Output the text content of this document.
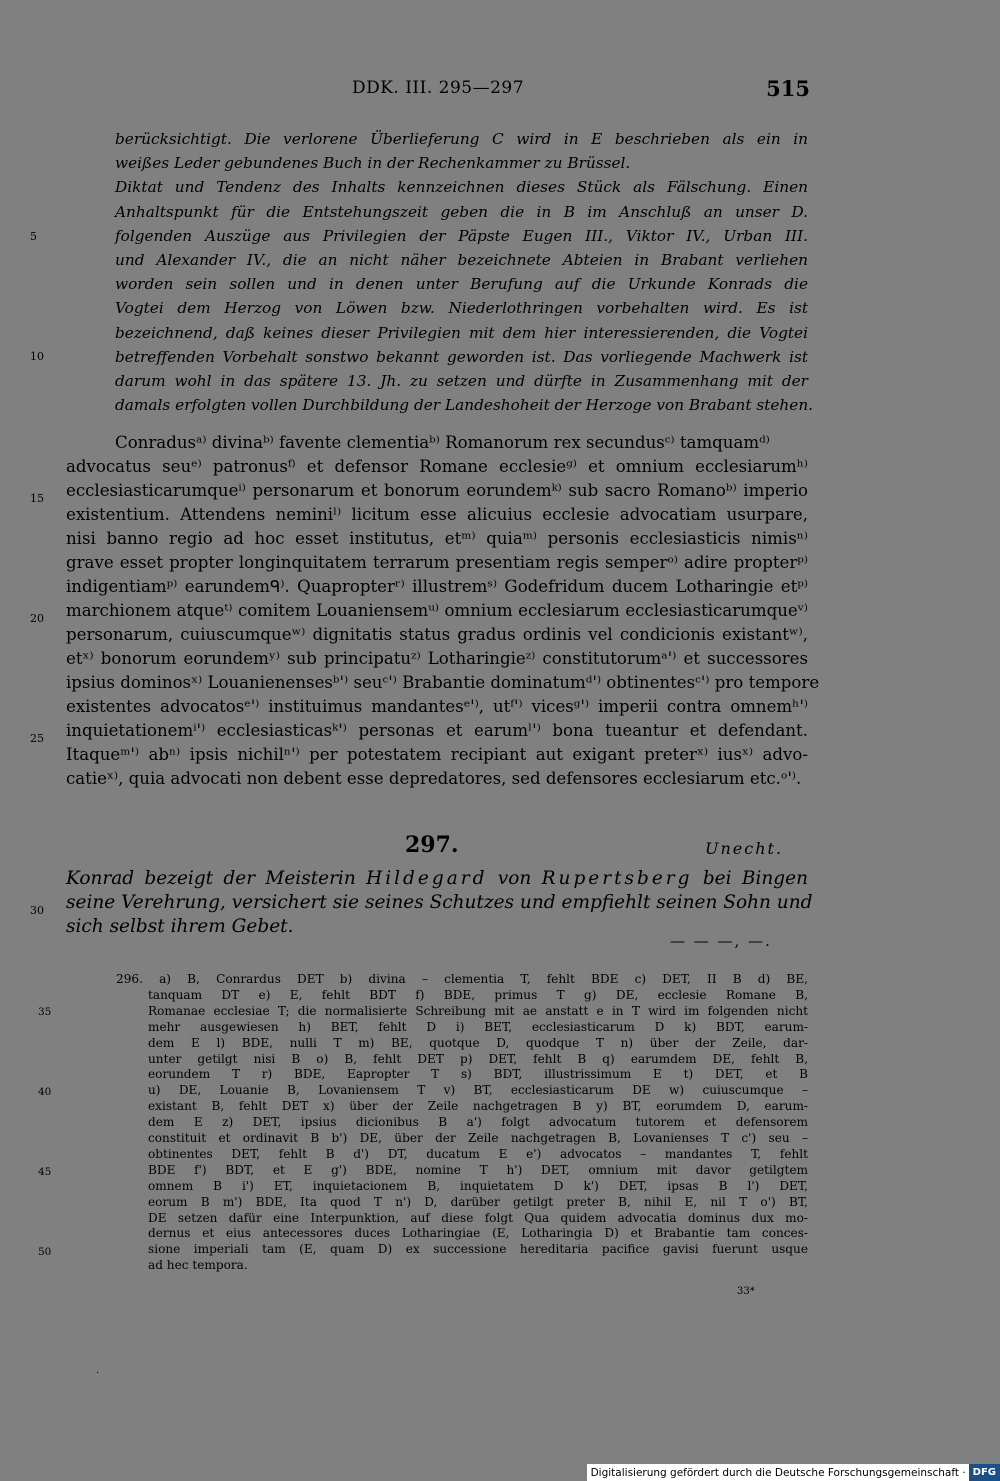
DDK. III. 295—297	515
berücksichtigt. Die verlorene Überlieferung C wird in E beschrieben als ein in
weißes Leder gebundenes Buch in der Rechenkammer zu Brüssel.
Diktat und Tendenz des Inhalts kennzeichnen dieses Stück als Fälschung. Einen
Anhaltspunkt für die Entstehungszeit geben die in B im Anschluß an unser D.
folgenden Auszüge aus Privilegien der Päpste Eugen III., Viktor IV., Urban III.
und Alexander IV., die an nicht näher bezeichnete Abteien in Brabant verliehen
worden sein sollen und in denen unter Berufung auf die Urkunde Konrads die
Vogtei dem Herzog von Löwen bzw. Niederlothringen vorbehalten wird. Es ist
bezeichnend, daß keines dieser Privilegien mit dem hier interessierenden, die Vogtei
betreffenden Vorbehalt sonstwo bekannt geworden ist. Das vorliegende Machwerk ist
darum wohl in das spätere 13. Jh. zu setzen und dürfte in Zusammenhang mit der
damals erfolgten vollen Durchbildung der Landeshoheit der Herzoge von Brabant stehen.
5
10
Conradusᵃ⁾ divinaᵇ⁾ favente clementiaᵇ⁾ Romanorum rex secundusᶜ⁾ tamquamᵈ⁾
advocatus seuᵉ⁾ patronusᶠ⁾ et defensor Romane ecclesieᵍ⁾ et omnium ecclesiarumʰ⁾
ecclesiasticarumqueⁱ⁾ personarum et bonorum eorundemᵏ⁾ sub sacro Romanoᵇ⁾ imperio
existentium. Attendens neminiˡ⁾ licitum esse alicuius ecclesie advocatiam usurpare,
nisi banno regio ad hoc esset institutus, etᵐ⁾ quiaᵐ⁾ personis ecclesiasticis nimisⁿ⁾
grave esset propter longinquitatem terrarum presentiam regis semperᵒ⁾ adire propterᵖ⁾
indigentiamᵖ⁾ earundemᑫ⁾. Quapropterʳ⁾ illustremˢ⁾ Godefridum ducem Lotharingie etᵖ⁾
marchionem atqueᵗ⁾ comitem Louaniensemᵘ⁾ omnium ecclesiarum ecclesiasticarumqueᵛ⁾
personarum, cuiuscumqueʷ⁾ dignitatis status gradus ordinis vel condicionis existantʷ⁾,
etˣ⁾ bonorum eorundemʸ⁾ sub principatuᶻ⁾ Lotharingieᶻ⁾ constitutorumᵃ'⁾ et successores
ipsius dominosˣ⁾ Louanienensesᵇ'⁾ seuᶜ'⁾ Brabantie dominatumᵈ'⁾ obtinentesᶜ'⁾ pro tempore
existentes advocatosᵉ'⁾ instituimus mandantesᵉ'⁾, utᶠ'⁾ vicesᵍ'⁾ imperii contra omnemʰ'⁾
inquietationemⁱ'⁾ ecclesiasticasᵏ'⁾ personas et earumˡ'⁾ bona tueantur et defendant.
Itaqueᵐ'⁾ abⁿ⁾ ipsis nichilⁿ'⁾ per potestatem recipiant aut exigant preterˣ⁾ iusˣ⁾ advo-
catieˣ⁾, quia advocati non debent esse depredatores, sed defensores ecclesiarum etc.ᵒ'⁾.
15
20
25
297.	Unecht.
Konrad bezeigt der Meisterin Hildegard von Rupertsberg bei Bingen
seine Verehrung, versichert sie seines Schutzes und empfiehlt seinen Sohn und
sich selbst ihrem Gebet.
30
— — —, —.
296. a) B, Conrardus DET b) divina – clementia T, fehlt BDE c) DET, II B d) BE,
tanquam DT e) E, fehlt BDT f) BDE, primus T g) DE, ecclesie Romane B,
Romanae ecclesiae T; die normalisierte Schreibung mit ae anstatt e in T wird im folgenden nicht
mehr ausgewiesen h) BET, fehlt D i) BET, ecclesiasticarum D k) BDT, earum-
dem E l) BDE, nulli T m) BE, quotque D, quodque T n) über der Zeile, dar-
unter getilgt nisi B o) B, fehlt DET p) DET, fehlt B q) earumdem DE, fehlt B,
eorundem T r) BDE, Eapropter T s) BDT, illustrissimum E t) DET, et B
u) DE, Louanie B, Lovaniensem T v) BT, ecclesiasticarum DE w) cuiuscumque –
existant B, fehlt DET x) über der Zeile nachgetragen B y) BT, eorumdem D, earum-
dem E z) DET, ipsius dicionibus B a') folgt advocatum tutorem et defensorem
constituit et ordinavit B b') DE, über der Zeile nachgetragen B, Lovanienses T c') seu –
obtinentes DET, fehlt B d') DT, ducatum E e') advocatos – mandantes T, fehlt
BDE f') BDT, et E g') BDE, nomine T h') DET, omnium mit davor getilgtem
omnem B i') ET, inquietacionem B, inquietatem D k') DET, ipsas B l') DET,
eorum B m') BDE, Ita quod T n') D, darüber getilgt preter B, nihil E, nil T o') BT,
DE setzen dafür eine Interpunktion, auf diese folgt Qua quidem advocatia dominus dux mo-
dernus et eius antecessores duces Lotharingiae (E, Lotharingia D) et Brabantie tam conces-
sione imperiali tam (E, quam D) ex successione hereditaria pacifice gavisi fuerunt usque
ad hec tempora.
35
40
45
50
33*
·
Digitalisierung gefördert durch die Deutsche Forschungsgemeinschaft · DFG
